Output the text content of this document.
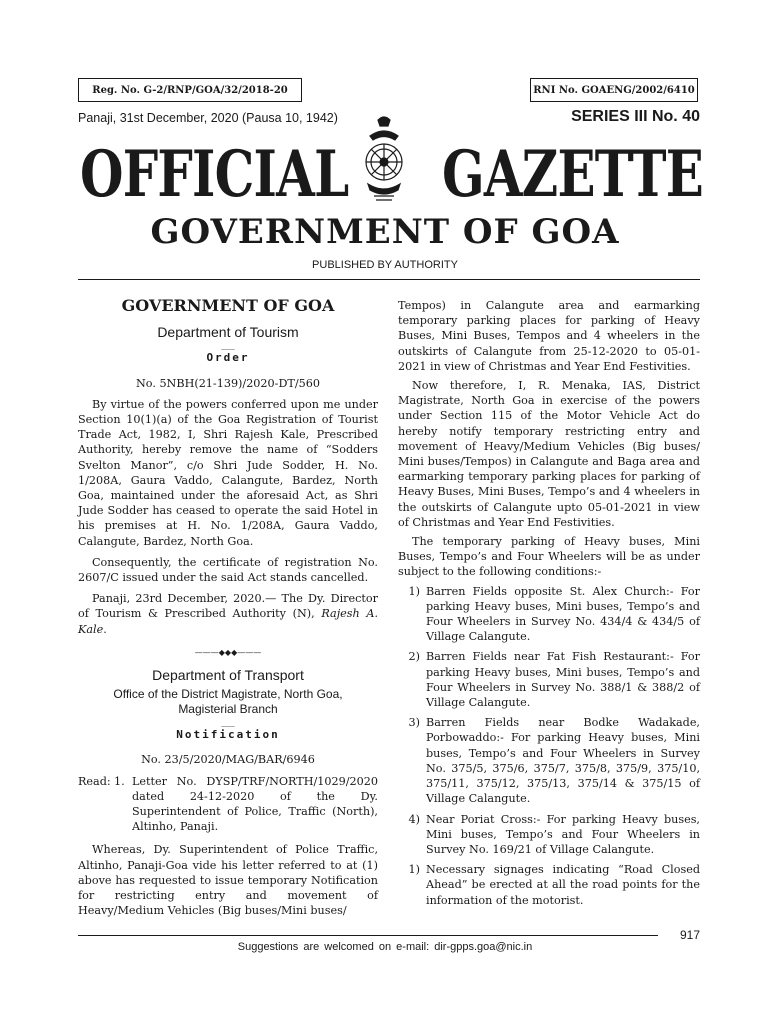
Reg. No. G-2/RNP/GOA/32/2018-20	RNI No. GOAENG/2002/6410
Panaji, 31st December, 2020 (Pausa 10, 1942)	SERIES III No. 40
OFFICIAL GAZETTE
GOVERNMENT OF GOA
PUBLISHED BY AUTHORITY
GOVERNMENT OF GOA
Department of Tourism
___
Order
No. 5NBH(21-139)/2020-DT/560

By virtue of the powers conferred upon me under Section 10(1)(a) of the Goa Registration of Tourist Trade Act, 1982, I, Shri Rajesh Kale, Prescribed Authority, hereby remove the name of “Sodders Svelton Manor”, c/o Shri Jude Sodder, H. No. 1/208A, Gaura Vaddo, Calangute, Bardez, North Goa, maintained under the aforesaid Act, as Shri Jude Sodder has ceased to operate the said Hotel in his premises at H. No. 1/208A, Gaura Vaddo, Calangute, Bardez, North Goa.

Consequently, the certificate of registration No. 2607/C issued under the said Act stands cancelled.

Panaji, 23rd December, 2020.— The Dy. Director of Tourism & Prescribed Authority (N), Rajesh A. Kale.

———◆◆◆———
Department of Transport
Office of the District Magistrate, North Goa,
Magisterial Branch
___
Notification
No. 23/5/2020/MAG/BAR/6946
Read: 1. Letter No. DYSP/TRF/NORTH/1029/2020 dated 24-12-2020 of the Dy. Superintendent of Police, Traffic (North), Altinho, Panaji.

Whereas, Dy. Superintendent of Police Traffic, Altinho, Panaji-Goa vide his letter referred to at (1) above has requested to issue temporary Notification for restricting entry and movement of Heavy/Medium Vehicles (Big buses/Mini buses/

Tempos) in Calangute area and earmarking temporary parking places for parking of Heavy Buses, Mini Buses, Tempos and 4 wheelers in the outskirts of Calangute from 25-12-2020 to 05-01-2021 in view of Christmas and Year End Festivities.

Now therefore, I, R. Menaka, IAS, District Magistrate, North Goa in exercise of the powers under Section 115 of the Motor Vehicle Act do hereby notify temporary restricting entry and movement of Heavy/Medium Vehicles (Big buses/ Mini buses/Tempos) in Calangute and Baga area and earmarking temporary parking places for parking of Heavy Buses, Mini Buses, Tempo’s and 4 wheelers in the outskirts of Calangute upto 05-01-2021 in view of Christmas and Year End Festivities.

The temporary parking of Heavy buses, Mini Buses, Tempo’s and Four Wheelers will be as under subject to the following conditions:-

1) Barren Fields opposite St. Alex Church:- For parking Heavy buses, Mini buses, Tempo’s and Four Wheelers in Survey No. 434/4 & 434/5 of Village Calangute.
2) Barren Fields near Fat Fish Restaurant:- For parking Heavy buses, Mini buses, Tempo’s and Four Wheelers in Survey No. 388/1 & 388/2 of Village Calangute.
3) Barren Fields near Bodke Wadakade, Porbowaddo:- For parking Heavy buses, Mini buses, Tempo’s and Four Wheelers in Survey No. 375/5, 375/6, 375/7, 375/8, 375/9, 375/10, 375/11, 375/12, 375/13, 375/14 & 375/15 of Village Calangute.
4) Near Poriat Cross:- For parking Heavy buses, Mini buses, Tempo’s and Four Wheelers in Survey No. 169/21 of Village Calangute.
1) Necessary signages indicating “Road Closed Ahead” be erected at all the road points for the information of the motorist.
917
Suggestions are welcomed on e-mail: dir-gpps.goa@nic.in
